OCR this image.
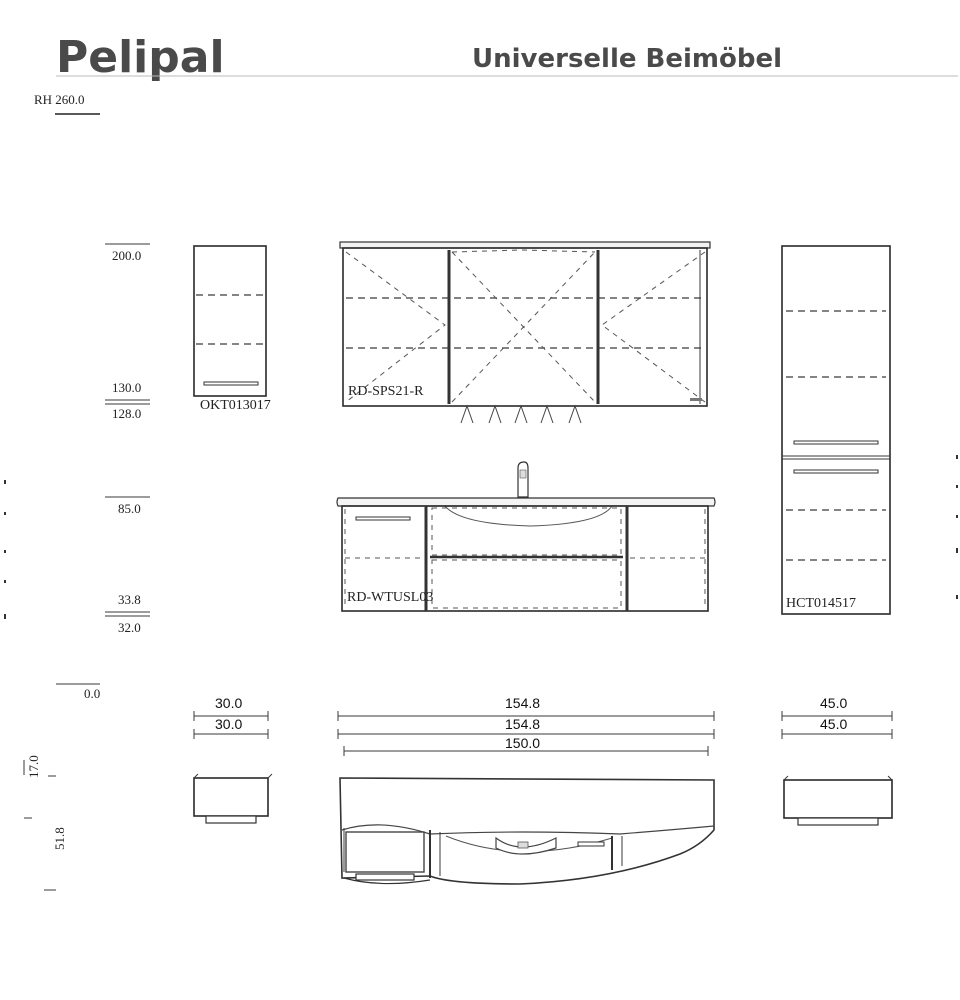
Pelipal	Universelle Beimöbel
RH 260.0
200.0
130.0
128.0
85.0
33.8
32.0
0.0
OKT013017
RD-SPS21-R
RD-WTUSL03	HCT014517
30.0
30.0
154.8
154.8
150.0
45.0
45.0
17.0
51.8
